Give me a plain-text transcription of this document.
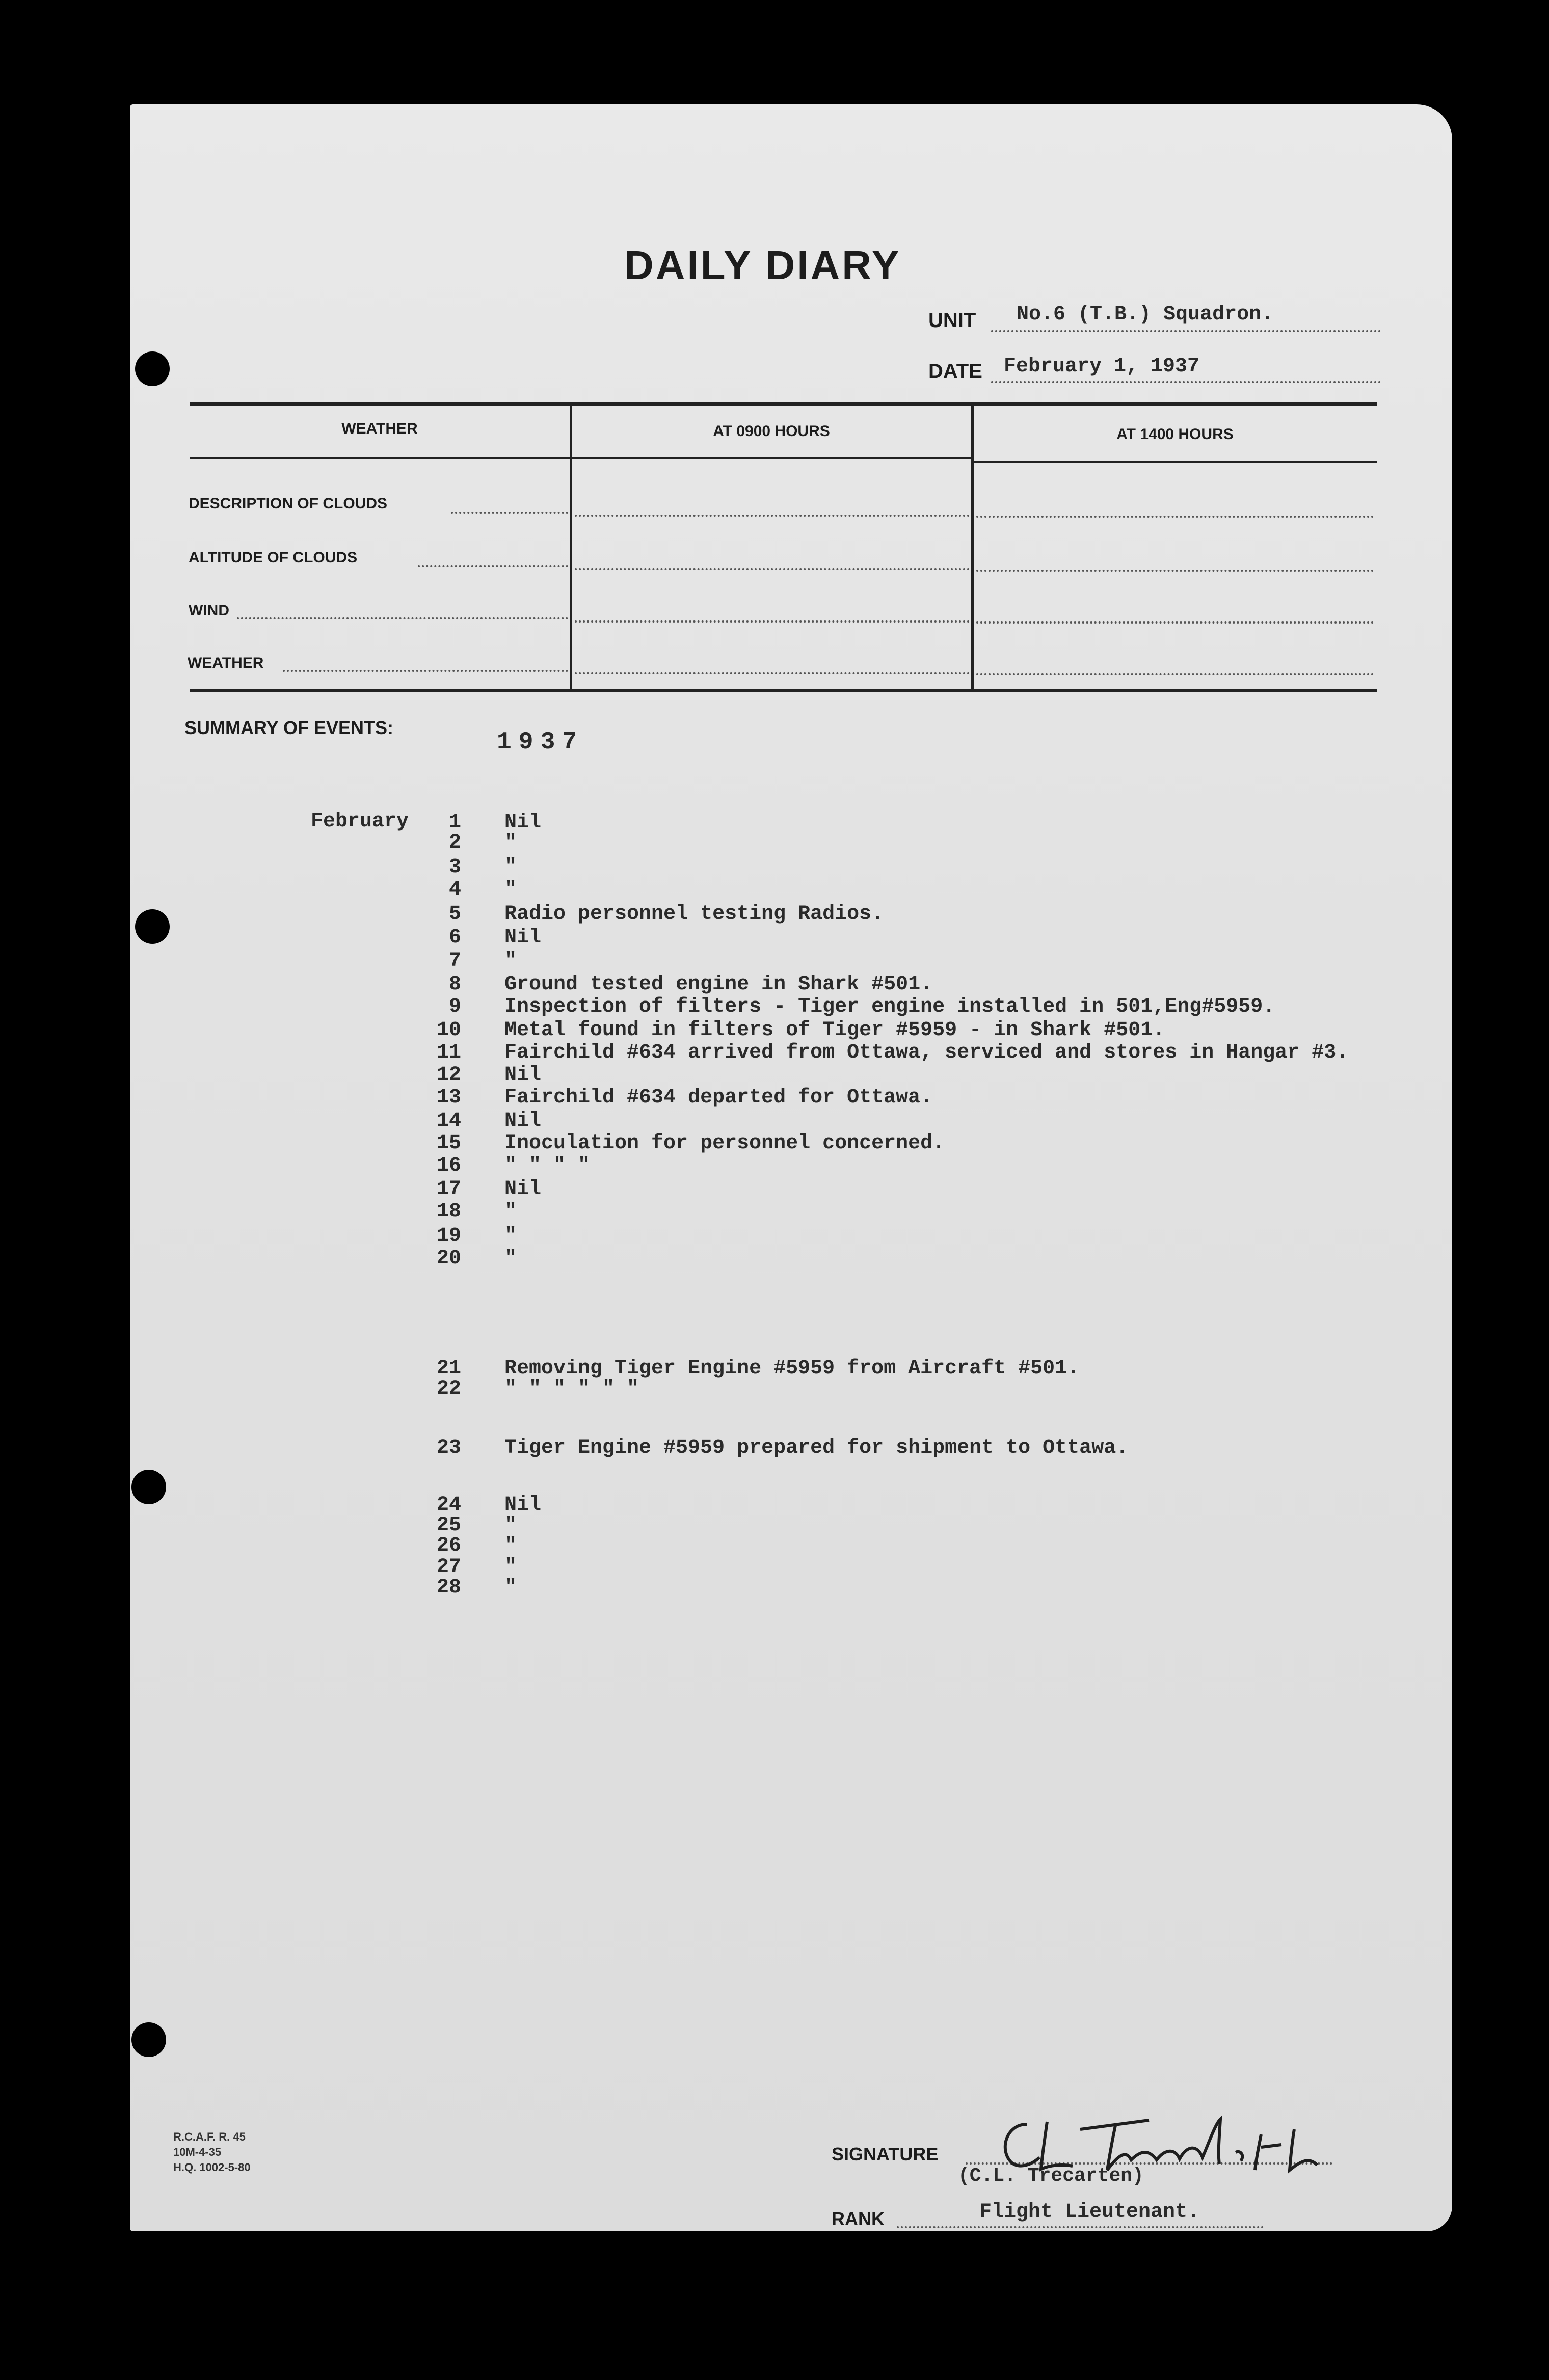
DAILY DIARY
UNIT No.6 (T.B.) Squadron.
DATE February 1, 1937
WEATHER	AT 0900 HOURS	AT 1400 HOURS
DESCRIPTION OF CLOUDS
ALTITUDE OF CLOUDS
WIND
WEATHER
SUMMARY OF EVENTS:
1937
February	1 Nil
2 "
3 "
4 "
5 Radio personnel testing Radios.
6 Nil
7 "
8 Ground tested engine in Shark #501.
9 Inspection of filters - Tiger engine installed in 501,Eng#5959.
10 Metal found in filters of Tiger #5959 - in Shark #501.
11 Fairchild #634 arrived from Ottawa, serviced and stores in Hangar #3.
12 Nil
13 Fairchild #634 departed for Ottawa.
14 Nil
15 Inoculation for personnel concerned.
16 " " " "
17 Nil
18 "
19 "
20 "
21 Removing Tiger Engine #5959 from Aircraft #501.
22 " " " " " "
23 Tiger Engine #5959 prepared for shipment to Ottawa.
24 Nil
25 "
26 "
27 "
28 "
R.C.A.F. R. 45
10M-4-35
H.Q. 1002-5-80
SIGNATURE
(C.L. Trecarten)
RANK	Flight Lieutenant.
